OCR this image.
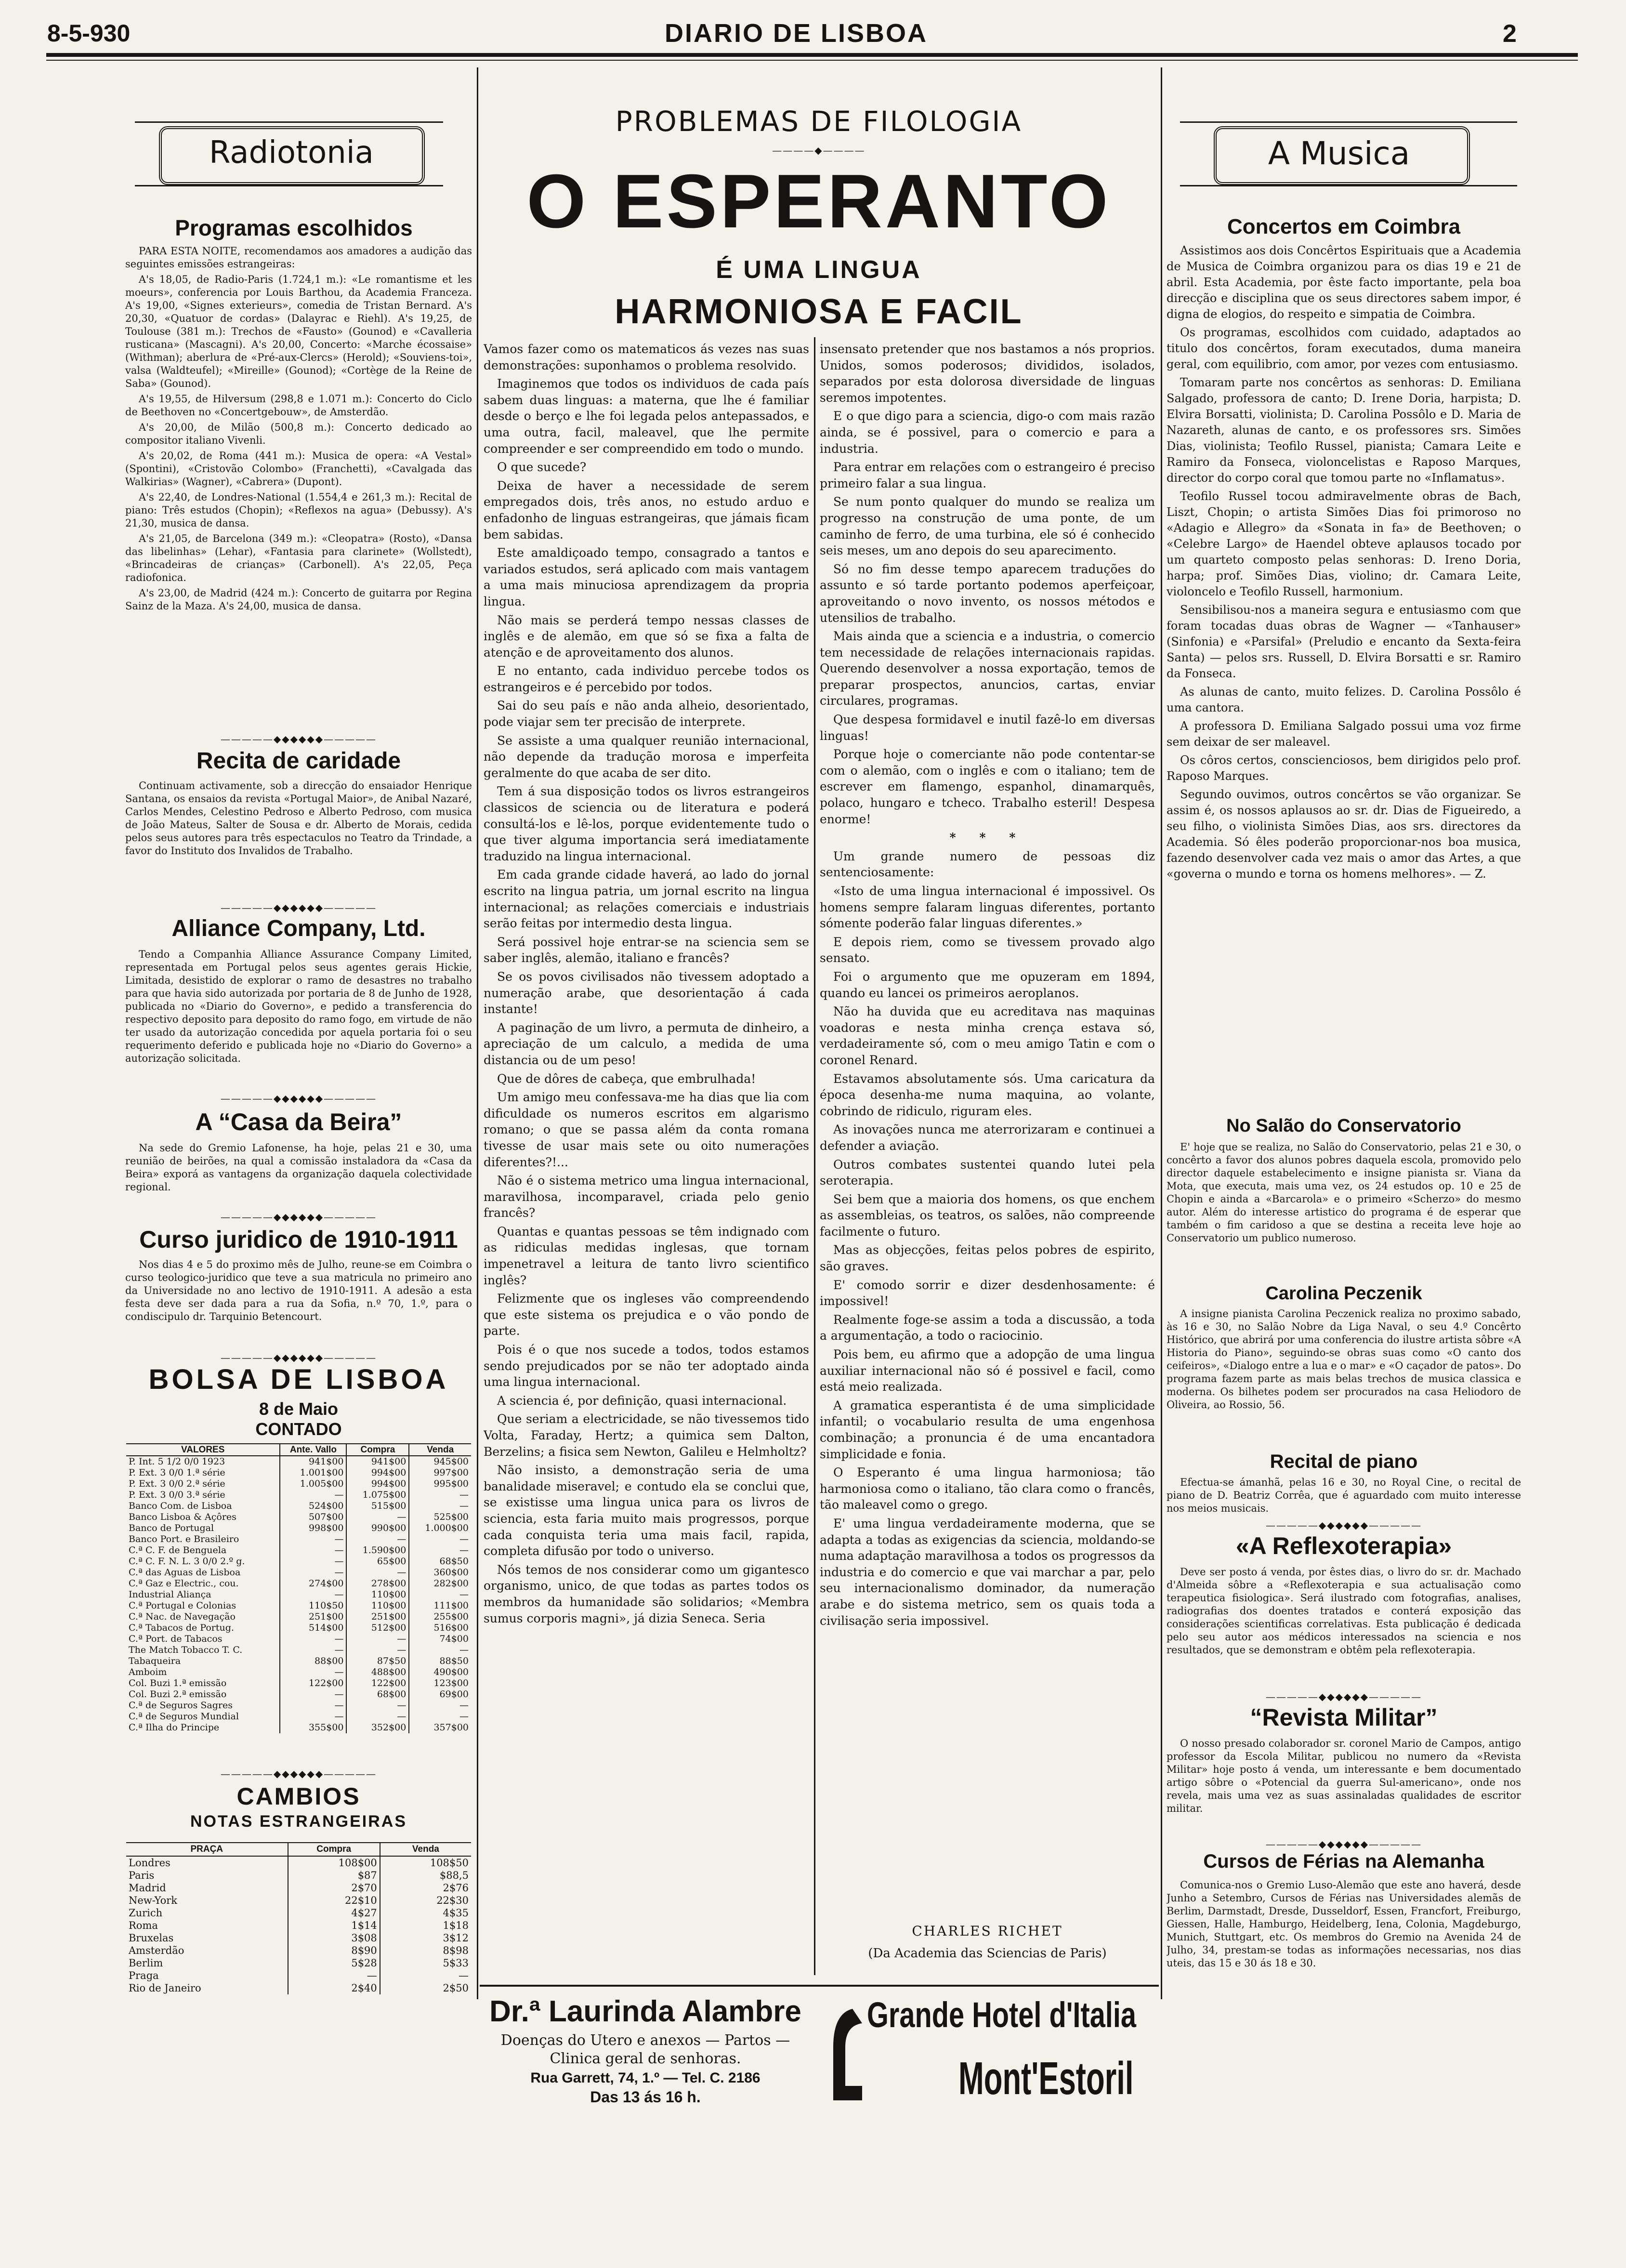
8-5-930	DIARIO DE LISBOA	2
Radiotonia
Programas escolhidos

PARA ESTA NOITE, recomendamos aos amadores a audição das seguintes emissões estrangeiras:

A's 18,05, de Radio-Paris (1.724,1 m.): «Le romantisme et les moeurs», conferencia por Louis Barthou, da Academia Franceza. A's 19,00, «Signes exterieurs», comedia de Tristan Bernard. A's 20,30, «Quatuor de cordas» (Dalayrac e Riehl). A's 19,25, de Toulouse (381 m.): Trechos de «Fausto» (Gounod) e «Cavalleria rusticana» (Mascagni). A's 20,00, Concerto: «Marche écossaise» (Withman); aberlura de «Pré-aux-Clercs» (Herold); «Souviens-toi», valsa (Waldteufel); «Mireille» (Gounod); «Cortège de la Reine de Saba» (Gounod).

A's 19,55, de Hilversum (298,8 e 1.071 m.): Concerto do Ciclo de Beethoven no «Concertgebouw», de Amsterdão.

A's 20,00, de Milão (500,8 m.): Concerto dedicado ao compositor italiano Vivenli.

A's 20,02, de Roma (441 m.): Musica de opera: «A Vestal» (Spontini), «Cristovão Colombo» (Franchetti), «Cavalgada das Walkirias» (Wagner), «Cabrera» (Dupont).

A's 22,40, de Londres-National (1.554,4 e 261,3 m.): Recital de piano: Três estudos (Chopin); «Reflexos na agua» (Debussy). A's 21,30, musica de dansa.

A's 21,05, de Barcelona (349 m.): «Cleopatra» (Rosto), «Dansa das libelinhas» (Lehar), «Fantasia para clarinete» (Wollstedt), «Brincadeiras de crianças» (Carbonell). A's 22,05, Peça radiofonica.

A's 23,00, de Madrid (424 m.): Concerto de guitarra por Regina Sainz de la Maza. A's 24,00, musica de dansa.

—————◆◆◆◆◆◆—————
Recita de caridade

Continuam activamente, sob a direcção do ensaiador Henrique Santana, os ensaios da revista «Portugal Maior», de Anibal Nazaré, Carlos Mendes, Celestino Pedroso e Alberto Pedroso, com musica de João Mateus, Salter de Sousa e dr. Alberto de Morais, cedida pelos seus autores para três espectaculos no Teatro da Trindade, a favor do Instituto dos Invalidos de Trabalho.

—————◆◆◆◆◆◆—————
Alliance Company, Ltd.

Tendo a Companhia Alliance Assurance Company Limited, representada em Portugal pelos seus agentes gerais Hickie, Limitada, desistido de explorar o ramo de desastres no trabalho para que havia sido autorizada por portaria de 8 de Junho de 1928, publicada no «Diario do Governo», e pedido a transferencia do respectivo deposito para deposito do ramo fogo, em virtude de não ter usado da autorização concedida por aquela portaria foi o seu requerimento deferido e publicada hoje no «Diario do Governo» a autorização solicitada.

—————◆◆◆◆◆◆—————
A “Casa da Beira”

Na sede do Gremio Lafonense, ha hoje, pelas 21 e 30, uma reunião de beirões, na qual a comissão instaladora da «Casa da Beira» exporá as vantagens da organização daquela colectividade regional.

—————◆◆◆◆◆◆—————
Curso juridico de 1910-1911

Nos dias 4 e 5 do proximo mês de Julho, reune-se em Coimbra o curso teologico-juridico que teve a sua matricula no primeiro ano da Universidade no ano lectivo de 1910-1911. A adesão a esta festa deve ser dada para a rua da Sofia, n.º 70, 1.º, para o condiscipulo dr. Tarquinio Betencourt.

—————◆◆◆◆◆◆—————
BOLSA DE LISBOA
8 de Maio
CONTADO
VALORES	Ante. Vallo	Compra	Venda
P. Int. 5 1/2 0/0 1923	941$00	941$00	945$00
P. Ext. 3 0/0 1.ª série	1.001$00	994$00	997$00
P. Ext. 3 0/0 2.ª série	1.005$00	994$00	995$00
P. Ext. 3 0/0 3.ª série	—	1.075$00	—
Banco Com. de Lisboa	524$00	515$00	—
Banco Lisboa & Açôres	507$00	—	525$00
Banco de Portugal	998$00	990$00	1.000$00
Banco Port. e Brasileiro	—	—	—
C.ª C. F. de Benguela	—	1.590$00	—
C.ª C. F. N. L. 3 0/0 2.º g.	—	65$00	68$50
C.ª das Aguas de Lisboa	—	—	360$00
C.ª Gaz e Electric., cou.	274$00	278$00	282$00
Industrial Aliança	—	110$00	—
C.ª Portugal e Colonias	110$50	110$00	111$00
C.ª Nac. de Navegação	251$00	251$00	255$00
C.ª Tabacos de Portug.	514$00	512$00	516$00
C.ª Port. de Tabacos	—	—	74$00
The Match Tobacco T. C.	—	—	—
Tabaqueira	88$00	87$50	88$50
Amboim	—	488$00	490$00
Col. Buzi 1.ª emissão	122$00	122$00	123$00
Col. Buzi 2.ª emissão	—	68$00	69$00
C.ª de Seguros Sagres	—	—	—
C.ª de Seguros Mundial	—	—	—
C.ª Ilha do Principe	355$00	352$00	357$00
—————◆◆◆◆◆◆—————
CAMBIOS
NOTAS ESTRANGEIRAS
PRAÇA	Compra	Venda
Londres	108$00	108$50
Paris	$87	$88,5
Madrid	2$70	2$76
New-York	22$10	22$30
Zurich	4$27	4$35
Roma	1$14	1$18
Bruxelas	3$08	3$12
Amsterdão	8$90	8$98
Berlim	5$28	5$33
Praga	—	—
Rio de Janeiro	2$40	2$50
PROBLEMAS DE FILOLOGIA
————◆————
O ESPERANTO
É UMA LINGUA
HARMONIOSA E FACIL

Vamos fazer como os matematicos ás vezes nas suas demonstrações: suponhamos o problema resolvido.

Imaginemos que todos os individuos de cada país sabem duas linguas: a materna, que lhe é familiar desde o berço e lhe foi legada pelos antepassados, e uma outra, facil, maleavel, que lhe permite compreender e ser compreendido em todo o mundo.

O que sucede?

Deixa de haver a necessidade de serem empregados dois, três anos, no estudo arduo e enfadonho de linguas estrangeiras, que jámais ficam bem sabidas.

Este amaldiçoado tempo, consagrado a tantos e variados estudos, será aplicado com mais vantagem a uma mais minuciosa aprendizagem da propria lingua.

Não mais se perderá tempo nessas classes de inglês e de alemão, em que só se fixa a falta de atenção e de aproveitamento dos alunos.

E no entanto, cada individuo percebe todos os estrangeiros e é percebido por todos.

Sai do seu país e não anda alheio, desorientado, pode viajar sem ter precisão de interprete.

Se assiste a uma qualquer reunião internacional, não depende da tradução morosa e imperfeita geralmente do que acaba de ser dito.

Tem á sua disposição todos os livros estrangeiros classicos de sciencia ou de literatura e poderá consultá-los e lê-los, porque evidentemente tudo o que tiver alguma importancia será imediatamente traduzido na lingua internacional.

Em cada grande cidade haverá, ao lado do jornal escrito na lingua patria, um jornal escrito na lingua internacional; as relações comerciais e industriais serão feitas por intermedio desta lingua.

Será possivel hoje entrar-se na sciencia sem se saber inglês, alemão, italiano e francês?

Se os povos civilisados não tivessem adoptado a numeração arabe, que desorientação á cada instante!

A paginação de um livro, a permuta de dinheiro, a apreciação de um calculo, a medida de uma distancia ou de um peso!

Que de dôres de cabeça, que embrulhada!

Um amigo meu confessava-me ha dias que lia com dificuldade os numeros escritos em algarismo romano; o que se passa além da conta romana tivesse de usar mais sete ou oito numerações diferentes?!...

Não é o sistema metrico uma lingua internacional, maravilhosa, incomparavel, criada pelo genio francês?

Quantas e quantas pessoas se têm indignado com as ridiculas medidas inglesas, que tornam impenetravel a leitura de tanto livro scientifico inglês?

Felizmente que os ingleses vão compreendendo que este sistema os prejudica e o vão pondo de parte.

Pois é o que nos sucede a todos, todos estamos sendo prejudicados por se não ter adoptado ainda uma lingua internacional.

A sciencia é, por definição, quasi internacional.

Que seriam a electricidade, se não tivessemos tido Volta, Faraday, Hertz; a quimica sem Dalton, Berzelins; a fisica sem Newton, Galileu e Helmholtz?

Não insisto, a demonstração seria de uma banalidade miseravel; e contudo ela se conclui que, se existisse uma lingua unica para os livros de sciencia, esta faria muito mais progressos, porque cada conquista teria uma mais facil, rapida, completa difusão por todo o universo.

Nós temos de nos considerar como um gigantesco organismo, unico, de que todas as partes todos os membros da humanidade são solidarios; «Membra sumus corporis magni», já dizia Seneca. Seria

insensato pretender que nos bastamos a nós proprios. Unidos, somos poderosos; divididos, isolados, separados por esta dolorosa diversidade de linguas seremos impotentes.

E o que digo para a sciencia, digo-o com mais razão ainda, se é possivel, para o comercio e para a industria.

Para entrar em relações com o estrangeiro é preciso primeiro falar a sua lingua.

Se num ponto qualquer do mundo se realiza um progresso na construção de uma ponte, de um caminho de ferro, de uma turbina, ele só é conhecido seis meses, um ano depois do seu aparecimento.

Só no fim desse tempo aparecem traduções do assunto e só tarde portanto podemos aperfeiçoar, aproveitando o novo invento, os nossos métodos e utensilios de trabalho.

Mais ainda que a sciencia e a industria, o comercio tem necessidade de relações internacionais rapidas. Querendo desenvolver a nossa exportação, temos de preparar prospectos, anuncios, cartas, enviar circulares, programas.

Que despesa formidavel e inutil fazê-lo em diversas linguas!

Porque hoje o comerciante não pode contentar-se com o alemão, com o inglês e com o italiano; tem de escrever em flamengo, espanhol, dinamarquês, polaco, hungaro e tcheco. Trabalho esteril! Despesa enorme!

* * *

Um grande numero de pessoas diz sentenciosamente:

«Isto de uma lingua internacional é impossivel. Os homens sempre falaram linguas diferentes, portanto sómente poderão falar linguas diferentes.»

E depois riem, como se tivessem provado algo sensato.

Foi o argumento que me opuzeram em 1894, quando eu lancei os primeiros aeroplanos.

Não ha duvida que eu acreditava nas maquinas voadoras e nesta minha crença estava só, verdadeiramente só, com o meu amigo Tatin e com o coronel Renard.

Estavamos absolutamente sós. Uma caricatura da época desenha-me numa maquina, ao volante, cobrindo de ridiculo, riguram eles.

As inovações nunca me aterrorizaram e continuei a defender a aviação.

Outros combates sustentei quando lutei pela seroterapia.

Sei bem que a maioria dos homens, os que enchem as assembleias, os teatros, os salões, não compreende facilmente o futuro.

Mas as objecções, feitas pelos pobres de espirito, são graves.

E' comodo sorrir e dizer desdenhosamente: é impossivel!

Realmente foge-se assim a toda a discussão, a toda a argumentação, a todo o raciocinio.

Pois bem, eu afirmo que a adopção de uma lingua auxiliar internacional não só é possivel e facil, como está meio realizada.

A gramatica esperantista é de uma simplicidade infantil; o vocabulario resulta de uma engenhosa combinação; a pronuncia é de uma encantadora simplicidade e fonia.

O Esperanto é uma lingua harmoniosa; tão harmoniosa como o italiano, tão clara como o francês, tão maleavel como o grego.

E' uma lingua verdadeiramente moderna, que se adapta a todas as exigencias da sciencia, moldando-se numa adaptação maravilhosa a todos os progressos da industria e do comercio e que vai marchar a par, pelo seu internacionalismo dominador, da numeração arabe e do sistema metrico, sem os quais toda a civilisação seria impossivel.

CHARLES RICHET
(Da Academia das Sciencias de Paris)
Dr.ª Laurinda Alambre
Doenças do Utero e anexos — Partos — Clinica geral de senhoras.
Rua Garrett, 74, 1.º — Tel. C. 2186
Das 13 ás 16 h.
Grande Hotel d'Italia
Mont'Estoril
A Musica
Concertos em Coimbra

Assistimos aos dois Concêrtos Espirituais que a Academia de Musica de Coimbra organizou para os dias 19 e 21 de abril. Esta Academia, por êste facto importante, pela boa direcção e disciplina que os seus directores sabem impor, é digna de elogios, do respeito e simpatia de Coimbra.

Os programas, escolhidos com cuidado, adaptados ao titulo dos concêrtos, foram executados, duma maneira geral, com equilibrio, com amor, por vezes com entusiasmo.

Tomaram parte nos concêrtos as senhoras: D. Emiliana Salgado, professora de canto; D. Irene Doria, harpista; D. Elvira Borsatti, violinista; D. Carolina Possôlo e D. Maria de Nazareth, alunas de canto, e os professores srs. Simões Dias, violinista; Teofilo Russel, pianista; Camara Leite e Ramiro da Fonseca, violoncelistas e Raposo Marques, director do corpo coral que tomou parte no «Inflamatus».

Teofilo Russel tocou admiravelmente obras de Bach, Liszt, Chopin; o artista Simões Dias foi primoroso no «Adagio e Allegro» da «Sonata in fa» de Beethoven; o «Celebre Largo» de Haendel obteve aplausos tocado por um quarteto composto pelas senhoras: D. Ireno Doria, harpa; prof. Simões Dias, violino; dr. Camara Leite, violoncelo e Teofilo Russell, harmonium.

Sensibilisou-nos a maneira segura e entusiasmo com que foram tocadas duas obras de Wagner — «Tanhauser» (Sinfonia) e «Parsifal» (Preludio e encanto da Sexta-feira Santa) — pelos srs. Russell, D. Elvira Borsatti e sr. Ramiro da Fonseca.

As alunas de canto, muito felizes. D. Carolina Possôlo é uma cantora.

A professora D. Emiliana Salgado possui uma voz firme sem deixar de ser maleavel.

Os côros certos, conscienciosos, bem dirigidos pelo prof. Raposo Marques.

Segundo ouvimos, outros concêrtos se vão organizar. Se assim é, os nossos aplausos ao sr. dr. Dias de Figueiredo, a seu filho, o violinista Simões Dias, aos srs. directores da Academia. Só êles poderão proporcionar-nos boa musica, fazendo desenvolver cada vez mais o amor das Artes, a que «governa o mundo e torna os homens melhores». — Z.

No Salão do Conservatorio

E' hoje que se realiza, no Salão do Conservatorio, pelas 21 e 30, o concêrto a favor dos alunos pobres daquela escola, promovido pelo director daquele estabelecimento e insigne pianista sr. Viana da Mota, que executa, mais uma vez, os 24 estudos op. 10 e 25 de Chopin e ainda a «Barcarola» e o primeiro «Scherzo» do mesmo autor. Além do interesse artistico do programa é de esperar que também o fim caridoso a que se destina a receita leve hoje ao Conservatorio um publico numeroso.

Carolina Peczenik

A insigne pianista Carolina Peczenick realiza no proximo sabado, às 16 e 30, no Salão Nobre da Liga Naval, o seu 4.º Concêrto Histórico, que abrirá por uma conferencia do ilustre artista sôbre «A Historia do Piano», seguindo-se obras suas como «O canto dos ceifeiros», «Dialogo entre a lua e o mar» e «O caçador de patos». Do programa fazem parte as mais belas trechos de musica classica e moderna. Os bilhetes podem ser procurados na casa Heliodoro de Oliveira, ao Rossio, 56.

Recital de piano

Efectua-se ámanhã, pelas 16 e 30, no Royal Cine, o recital de piano de D. Beatriz Corrêa, que é aguardado com muito interesse nos meios musicais.

—————◆◆◆◆◆◆—————
«A Reflexoterapia»

Deve ser posto á venda, por êstes dias, o livro do sr. dr. Machado d'Almeida sôbre a «Reflexoterapia e sua actualisação como terapeutica fisiologica». Será ilustrado com fotografias, analises, radiografias dos doentes tratados e conterá exposição das considerações scientificas correlativas. Esta publicação é dedicada pelo seu autor aos médicos interessados na sciencia e nos resultados, que se demonstram e obtêm pela reflexoterapia.

—————◆◆◆◆◆◆—————
“Revista Militar”

O nosso presado colaborador sr. coronel Mario de Campos, antigo professor da Escola Militar, publicou no numero da «Revista Militar» hoje posto á venda, um interessante e bem documentado artigo sôbre o «Potencial da guerra Sul-americano», onde nos revela, mais uma vez as suas assinaladas qualidades de escritor militar.

—————◆◆◆◆◆◆—————
Cursos de Férias na Alemanha

Comunica-nos o Gremio Luso-Alemão que este ano haverá, desde Junho a Setembro, Cursos de Férias nas Universidades alemãs de Berlim, Darmstadt, Dresde, Dusseldorf, Essen, Francfort, Freiburgo, Giessen, Halle, Hamburgo, Heidelberg, Iena, Colonia, Magdeburgo, Munich, Stuttgart, etc. Os membros do Gremio na Avenida 24 de Julho, 34, prestam-se todas as informações necessarias, nos dias uteis, das 15 e 30 ás 18 e 30.
